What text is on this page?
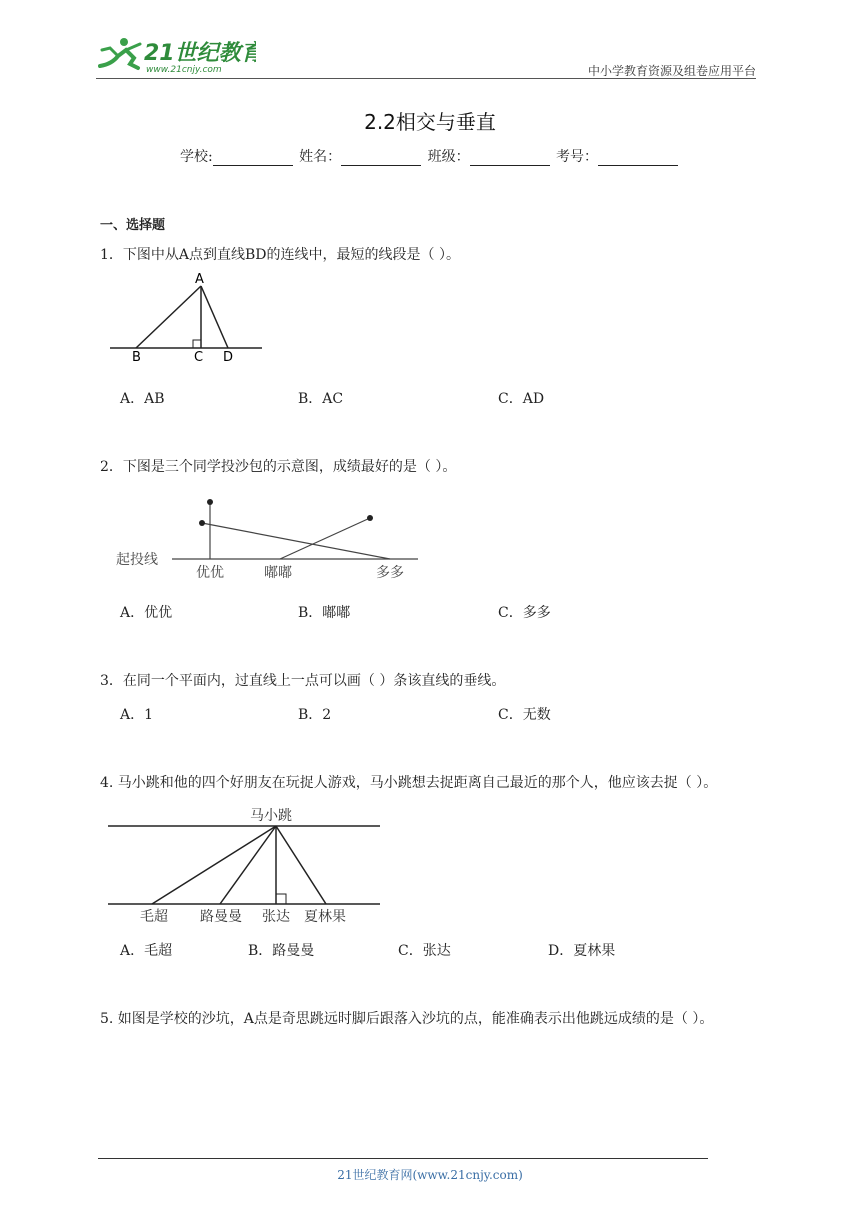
21世纪教育
www.21cnjy.com	中小学教育资源及组卷应用平台
2.2相交与垂直
学校:	姓名：	班级：	考号：
一、选择题
1．下图中从A点到直线BD的连线中，最短的线段是（ ）。
A
B	C D
A．AB	B．AC	C．AD
2．下图是三个同学投沙包的示意图，成绩最好的是（ ）。
起投线
优优	嘟嘟	多多
A．优优	B．嘟嘟	C．多多
3．在同一个平面内，过直线上一点可以画（ ）条该直线的垂线。
A．1	B．2	C．无数
4. 马小跳和他的四个好朋友在玩捉人游戏，马小跳想去捉距离自己最近的那个人，他应该去捉（ ）。
马小跳
毛超 路曼曼 张达 夏林果
A．毛超	B．路曼曼	C．张达	D．夏林果
5. 如图是学校的沙坑，A点是奇思跳远时脚后跟落入沙坑的点，能准确表示出他跳远成绩的是（ ）。
21世纪教育网(www.21cnjy.com)
